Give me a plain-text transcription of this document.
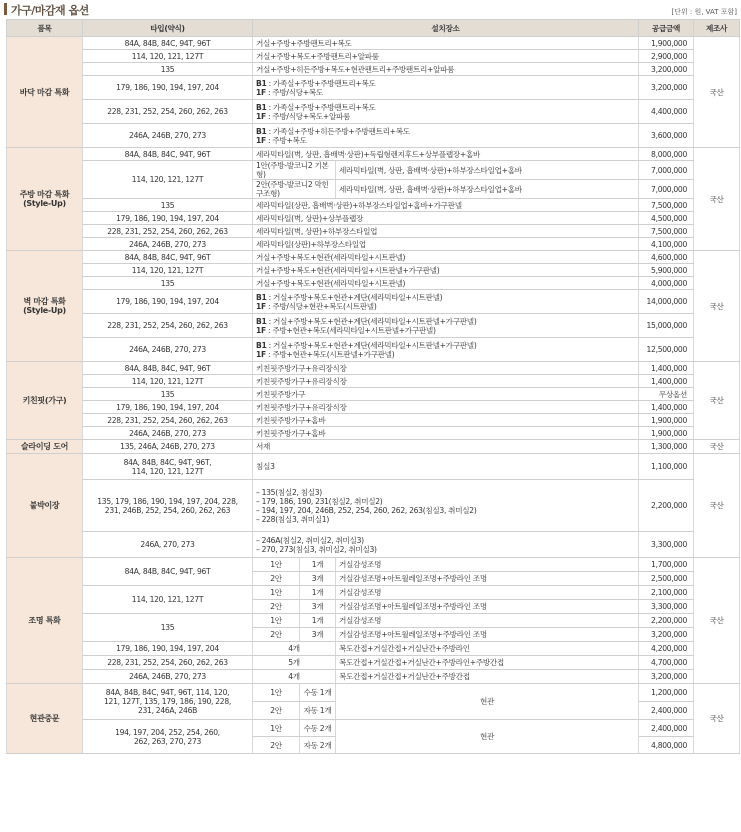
가구/마감재 옵션	[단위 : 원, VAT 포함]
품목	타입(약식)	설치장소			공급금액	제조사
바닥 마감 특화	84A, 84B, 84C, 94T, 96T	거실+주방+주방팬트리+복도			1,900,000	국산
	114, 120, 121, 127T	거실+주방+복도+주방팬트리+알파룸			2,900,000	
	135	거실+주방+히든주방+복도+현관팬트리+주방팬트리+알파룸			3,200,000	
	179, 186, 190, 194, 197, 204	B1 : 가족실+주방+주방팬트리+복도
1F : 주방/식당+복도			3,200,000	
	228, 231, 252, 254, 260, 262, 263	B1 : 가족실+주방+주방팬트리+복도
1F : 주방/식당+복도+알파룸			4,400,000	
	246A, 246B, 270, 273	B1 : 가족실+주방+히든주방+주방팬트리+복도
1F : 주방+복도			3,600,000	

주방 마감 특화
(Style-Up)	84A, 84B, 84C, 94T, 96T	세라믹타일(벽, 상판, 흡배벽·상판)+독립형렌지후드+상부플랩장+홈바			8,000,000	국산
	114, 120, 121, 127T	1안(주방-발코니2 기본형)		세라믹타일(벽, 상판, 흡배벽·상판)+하부장스타일업+홈바	7,000,000	
		2안(주방-발코니2 막힌구조형)		세라믹타일(벽, 상판, 흡배벽·상판)+하부장스타일업+홈바	7,000,000	
	135	세라믹타일(상판, 흡배벽·상판)+하부장스타일업+홈바+가구판넬			7,500,000	
	179, 186, 190, 194, 197, 204	세라믹타일(벽, 상판)+상부플랩장			4,500,000	
	228, 231, 252, 254, 260, 262, 263	세라믹타일(벽, 상판)+하부장스타일업			7,500,000	
	246A, 246B, 270, 273	세라믹타일(상판)+하부장스타일업			4,100,000	

벽 마감 특화
(Style-Up)	84A, 84B, 84C, 94T, 96T	거실+주방+복도+현관(세라믹타일+시트판넬)			4,600,000	국산
	114, 120, 121, 127T	거실+주방+복도+현관(세라믹타일+시트판넬+가구판넬)			5,900,000	
	135	거실+주방+복도+현관(세라믹타일+시트판넬)			4,000,000	
	179, 186, 190, 194, 197, 204	B1 : 거실+주방+복도+현관+계단(세라믹타일+시트판넬)
1F : 주방/식당+현관+복도(시트판넬)			14,000,000	
	228, 231, 252, 254, 260, 262, 263	B1 : 거실+주방+복도+현관+계단(세라믹타일+시트판넬+가구판넬)
1F : 주방+현관+복도(세라믹타일+시트판넬+가구판넬)			15,000,000	
	246A, 246B, 270, 273	B1 : 거실+주방+복도+현관+계단(세라믹타일+시트판넬+가구판넬)
1F : 주방+현관+복도(시트판넬+가구판넬)			12,500,000	
키친핏(가구)	84A, 84B, 84C, 94T, 96T	키친핏주방가구+유리장식장			1,400,000	국산
	114, 120, 121, 127T	키친핏주방가구+유리장식장			1,400,000	
	135	키친핏주방가구			무상옵션	
	179, 186, 190, 194, 197, 204	키친핏주방가구+유리장식장			1,400,000	
	228, 231, 252, 254, 260, 262, 263	키친핏주방가구+홈바			1,900,000	
	246A, 246B, 270, 273	키친핏주방가구+홈바			1,900,000	
슬라이딩 도어	135, 246A, 246B, 270, 273	서재			1,300,000	국산
붙박이장	84A, 84B, 84C, 94T, 96T,
114, 120, 121, 127T	침실3			1,100,000	국산

	135, 179, 186, 190, 194, 197, 204, 228,
231, 246B, 252, 254, 260, 262, 263	– 135(침실2, 침실3)
– 179, 186, 190, 231(침실2, 취미실2)
– 194, 197, 204, 246B, 252, 254, 260, 262, 263(침실3, 취미실2)
– 228(침실3, 취미실1)			2,200,000	
	246A, 270, 273	– 246A(침실2, 취미실2, 취미실3)
– 270, 273(침실3, 취미실2, 취미실3)			3,300,000	
조명 특화	84A, 84B, 84C, 94T, 96T	1안	1개	거실감성조명	1,700,000	국산
		2안	3개	거실감성조명+아트월레일조명+주방라인 조명	2,500,000	
	114, 120, 121, 127T	1안	1개	거실감성조명	2,100,000	
		2안	3개	거실감성조명+아트월레일조명+주방라인 조명	3,300,000	
	135	1안	1개	거실감성조명	2,200,000	
		2안	3개	거실감성조명+아트월레일조명+주방라인 조명	3,200,000	
	179, 186, 190, 194, 197, 204	4개		복도간접+거실간접+거실난간+주방라인	4,200,000	
	228, 231, 252, 254, 260, 262, 263	5개		복도간접+거실간접+거실난간+주방라인+주방간접	4,700,000	
	246A, 246B, 270, 273	4개		복도간접+거실간접+거실난간+주방간접	3,200,000	
현관중문	84A, 84B, 84C, 94T, 96T, 114, 120,
121, 127T, 135, 179, 186, 190, 228,
231, 246A, 246B	1안	수동 1개	현관	1,200,000	국산
		2안	자동 1개		2,400,000	

	194, 197, 204, 252, 254, 260,
262, 263, 270, 273	1안	수동 2개	현관	2,400,000	
		2안	자동 2개		4,800,000	
